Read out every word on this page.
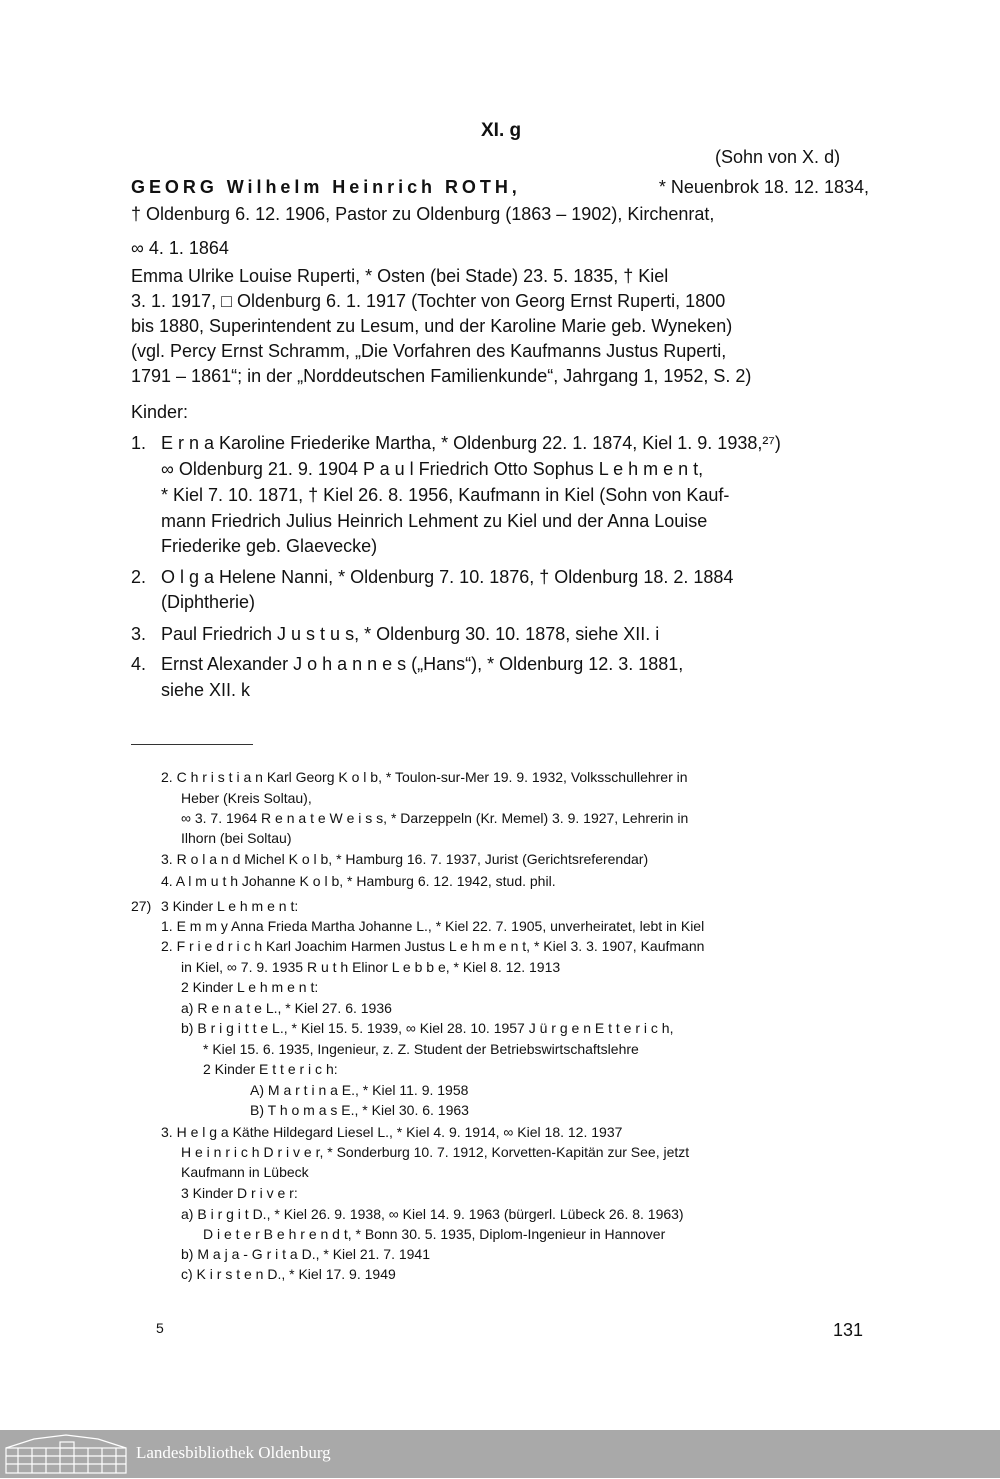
XI. g
(Sohn von X. d)
GEORG Wilhelm Heinrich ROTH,	* Neuenbrok 18. 12. 1834,
† Oldenburg 6. 12. 1906, Pastor zu Oldenburg (1863 – 1902), Kirchenrat,
∞ 4. 1. 1864
Emma Ulrike Louise Ruperti, * Osten (bei Stade) 23. 5. 1835, † Kiel
3. 1. 1917, □ Oldenburg 6. 1. 1917 (Tochter von Georg Ernst Ruperti, 1800
bis 1880, Superintendent zu Lesum, und der Karoline Marie geb. Wyneken)
(vgl. Percy Ernst Schramm, „Die Vorfahren des Kaufmanns Justus Ruperti,
1791 – 1861“; in der „Norddeutschen Familienkunde“, Jahrgang 1, 1952, S. 2)
Kinder:
1. E r n a Karoline Friederike Martha, * Oldenburg 22. 1. 1874, Kiel 1. 9. 1938,²⁷)
∞ Oldenburg 21. 9. 1904 P a u l Friedrich Otto Sophus L e h m e n t,
* Kiel 7. 10. 1871, † Kiel 26. 8. 1956, Kaufmann in Kiel (Sohn von Kauf-
mann Friedrich Julius Heinrich Lehment zu Kiel und der Anna Louise
Friederike geb. Glaevecke)
2. O l g a Helene Nanni, * Oldenburg 7. 10. 1876, † Oldenburg 18. 2. 1884
(Diphtherie)
3. Paul Friedrich J u s t u s, * Oldenburg 30. 10. 1878, siehe XII. i
4. Ernst Alexander J o h a n n e s („Hans“), * Oldenburg 12. 3. 1881,
siehe XII. k
2. C h r i s t i a n Karl Georg K o l b, * Toulon-sur-Mer 19. 9. 1932, Volksschullehrer in
Heber (Kreis Soltau),
∞ 3. 7. 1964 R e n a t e W e i s s, * Darzeppeln (Kr. Memel) 3. 9. 1927, Lehrerin in
Ilhorn (bei Soltau)
3. R o l a n d Michel K o l b, * Hamburg 16. 7. 1937, Jurist (Gerichtsreferendar)
4. A l m u t h Johanne K o l b, * Hamburg 6. 12. 1942, stud. phil.
27) 3 Kinder L e h m e n t:
1. E m m y Anna Frieda Martha Johanne L., * Kiel 22. 7. 1905, unverheiratet, lebt in Kiel
2. F r i e d r i c h Karl Joachim Harmen Justus L e h m e n t, * Kiel 3. 3. 1907, Kaufmann
in Kiel, ∞ 7. 9. 1935 R u t h Elinor L e b b e, * Kiel 8. 12. 1913
2 Kinder L e h m e n t:
a) R e n a t e L., * Kiel 27. 6. 1936
b) B r i g i t t e L., * Kiel 15. 5. 1939, ∞ Kiel 28. 10. 1957 J ü r g e n E t t e r i c h,
* Kiel 15. 6. 1935, Ingenieur, z. Z. Student der Betriebswirtschaftslehre
2 Kinder E t t e r i c h:
A) M a r t i n a E., * Kiel 11. 9. 1958
B) T h o m a s E., * Kiel 30. 6. 1963
3. H e l g a Käthe Hildegard Liesel L., * Kiel 4. 9. 1914, ∞ Kiel 18. 12. 1937
H e i n r i c h D r i v e r, * Sonderburg 10. 7. 1912, Korvetten-Kapitän zur See, jetzt
Kaufmann in Lübeck
3 Kinder D r i v e r:
a) B i r g i t D., * Kiel 26. 9. 1938, ∞ Kiel 14. 9. 1963 (bürgerl. Lübeck 26. 8. 1963)
D i e t e r B e h r e n d t, * Bonn 30. 5. 1935, Diplom-Ingenieur in Hannover
b) M a j a - G r i t a D., * Kiel 21. 7. 1941
c) K i r s t e n D., * Kiel 17. 9. 1949
5	131
Landesbibliothek Oldenburg
